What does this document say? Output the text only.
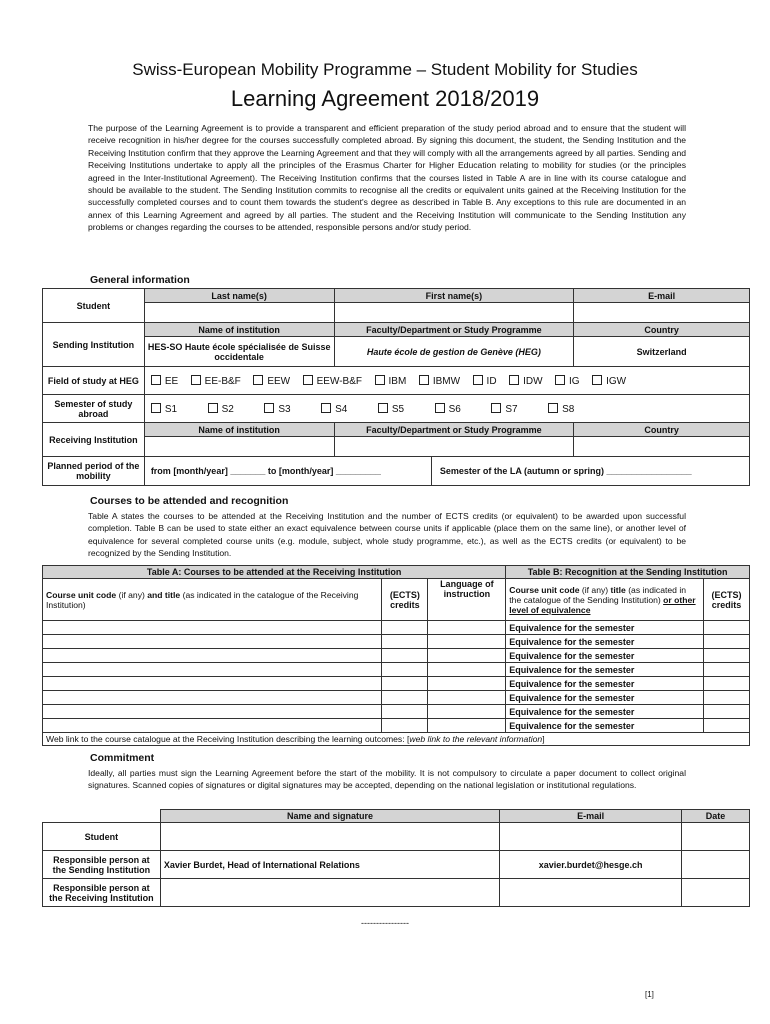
Swiss-European Mobility Programme – Student Mobility for Studies
Learning Agreement 2018/2019
The purpose of the Learning Agreement is to provide a transparent and efficient preparation of the study period abroad and to ensure that the student will receive recognition in his/her degree for the courses successfully completed abroad. By signing this document, the student, the Sending Institution and the Receiving Institution confirm that they approve the Learning Agreement and that they will comply with all the arrangements agreed by all parties. Sending and Receiving Institutions undertake to apply all the principles of the Erasmus Charter for Higher Education relating to mobility for studies (or the principles agreed in the Inter-Institutional Agreement). The Receiving Institution confirms that the courses listed in Table A are in line with its course catalogue and should be available to the student. The Sending Institution commits to recognise all the credits or equivalent units gained at the Receiving Institution for the successfully completed courses and to count them towards the student's degree as described in Table B. Any exceptions to this rule are documented in an annex of this Learning Agreement and agreed by all parties. The student and the Receiving Institution will communicate to the Sending Institution any problems or changes regarding the courses to be attended, responsible persons and/or study period.
General information
Student	Last name(s)	First name(s)	E-mail

Sending Institution	Name of institution	Faculty/Department or Study Programme	Country
	HES-SO Haute école spécialisée de Suisse occidentale	Haute école de gestion de Genève (HEG)	Switzerland
Field of study at HEG	EE EE-B&F EEW EEW-B&F IBM IBMW ID IDW IG IGW		
Semester of study abroad	S1 S2 S3 S4 S5 S6 S7 S8		
Receiving Institution	Name of institution	Faculty/Department or Study Programme	Country

Planned period of the mobility	from [month/year] _______ to [month/year] _________ Semester of the LA (autumn or spring) _________________		
Courses to be attended and recognition
Table A states the courses to be attended at the Receiving Institution and the number of ECTS credits (or equivalent) to be awarded upon successful completion. Table B can be used to state either an exact equivalence between course units if applicable (place them on the same line), or another level of equivalence for several completed course units (e.g. module, subject, whole study programme, etc.), as well as the ECTS credits (or equivalent) to be recognized by the Sending Institution.
Table A: Courses to be attended at the Receiving Institution			Table B: Recognition at the Sending Institution	
Course unit code (if any) and title (as indicated in the catalogue of the Receiving Institution)	(ECTS) credits	Language of instruction	Course unit code (if any) title (as indicated in the catalogue of the Sending Institution) or other level of equivalence	(ECTS) credits
			Equivalence for the semester	
			Equivalence for the semester	
			Equivalence for the semester	
			Equivalence for the semester	
			Equivalence for the semester	
			Equivalence for the semester	
			Equivalence for the semester	
			Equivalence for the semester	
Web link to the course catalogue at the Receiving Institution describing the learning outcomes: [web link to the relevant information]				
Commitment
Ideally, all parties must sign the Learning Agreement before the start of the mobility. It is not compulsory to circulate a paper document to collect original signatures. Scanned copies of signatures or digital signatures may be accepted, depending on the national legislation or institutional regulations.
	Name and signature	E-mail	Date
Student			
Responsible person at the Sending Institution	Xavier Burdet, Head of International Relations	xavier.burdet@hesge.ch	
Responsible person at the Receiving Institution			
----------------
[1]
